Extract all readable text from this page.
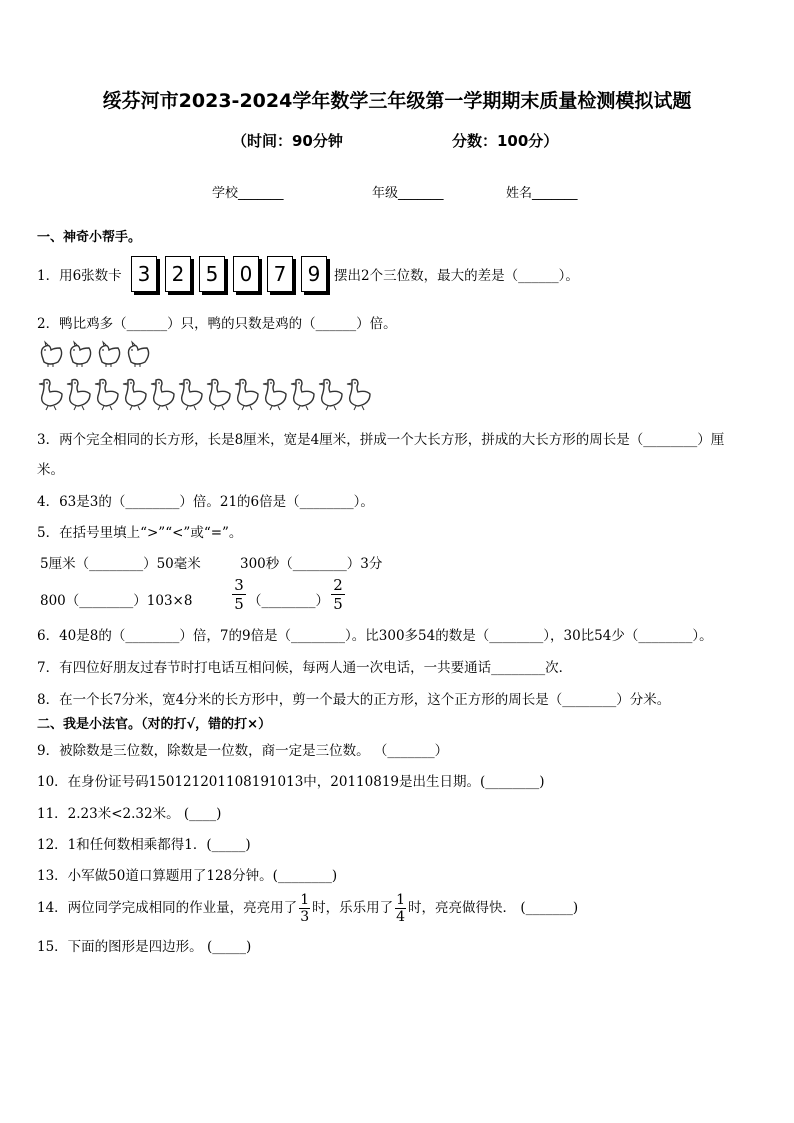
绥芬河市2023-2024学年数学三年级第一学期期末质量检测模拟试题
（时间：90分钟	分数：100分）
学校_______	年级_______	姓名_______
一、神奇小帮手。
1．用6张数卡 3	2	5	0	7	9	摆出2个三位数，最大的差是（______）。
2．鸭比鸡多（______）只，鸭的只数是鸡的（______）倍。
3．两个完全相同的长方形，长是8厘米，宽是4厘米，拼成一个大长方形，拼成的大长方形的周长是（________）厘
米。
4．63是3的（________）倍。21的6倍是（________）。
5．在括号里填上“>”“<”或“=”。
5厘米（________）50毫米	300秒（________）3分
800（________）103×8	$\frac{3}{5}$ （________） $\frac{2}{5}$
6．40是8的（________）倍，7的9倍是（________）。比300多54的数是（________），30比54少（________）。
7．有四位好朋友过春节时打电话互相问候，每两人通一次电话，一共要通话________次．
8．在一个长7分米，宽4分米的长方形中，剪一个最大的正方形，这个正方形的周长是（________）分米。
二、我是小法官。（对的打√，错的打×）
9．被除数是三位数，除数是一位数，商一定是三位数。 （_______）
10．在身份证号码150121201108191013中，20110819是出生日期。(________)
11．2.23米<2.32米。 (____)
12．1和任何数相乘都得1．(_____)
13．小军做50道口算题用了128分钟。(________)
14．两位同学完成相同的作业量，亮亮用了 $\frac{1}{3}$ 时，乐乐用了 $\frac{1}{4}$ 时，亮亮做得快． (_______)
15．下面的图形是四边形。 (_____)
